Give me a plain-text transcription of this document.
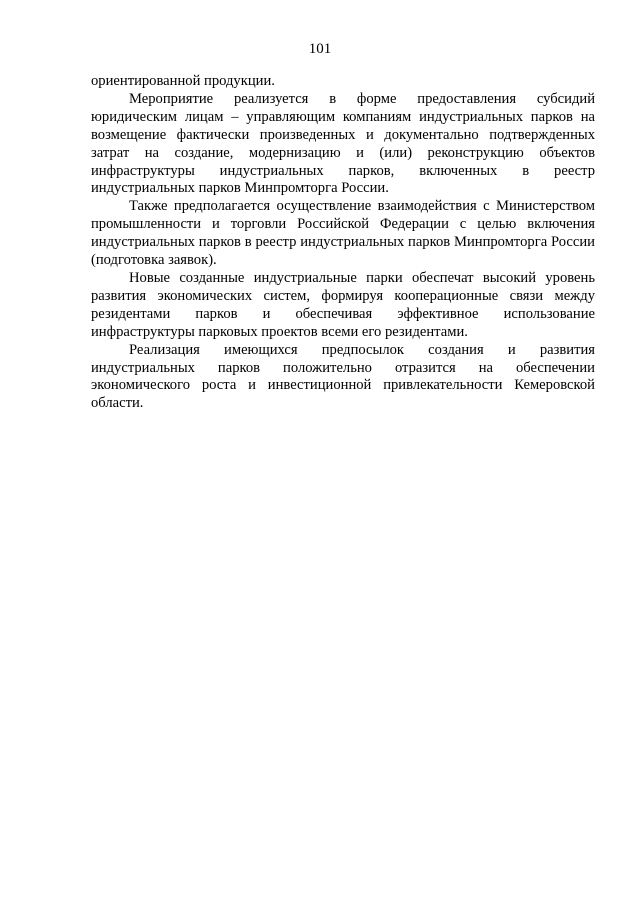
101

ориентированной продукции.

Мероприятие реализуется в форме предоставления субсидий юридическим лицам – управляющим компаниям индустриальных парков на возмещение фактически произведенных и документально подтвержденных затрат на создание, модернизацию и (или) реконструкцию объектов инфраструктуры индустриальных парков, включенных в реестр индустриальных парков Минпромторга России.

Также предполагается осуществление взаимодействия с Министерством промышленности и торговли Российской Федерации с целью включения индустриальных парков в реестр индустриальных парков Минпромторга России (подготовка заявок).

Новые созданные индустриальные парки обеспечат высокий уровень развития экономических систем, формируя кооперационные связи между резидентами парков и обеспечивая эффективное использование инфраструктуры парковых проектов всеми его резидентами.

Реализация имеющихся предпосылок создания и развития индустриальных парков положительно отразится на обеспечении экономического роста и инвестиционной привлекательности Кемеровской области.
